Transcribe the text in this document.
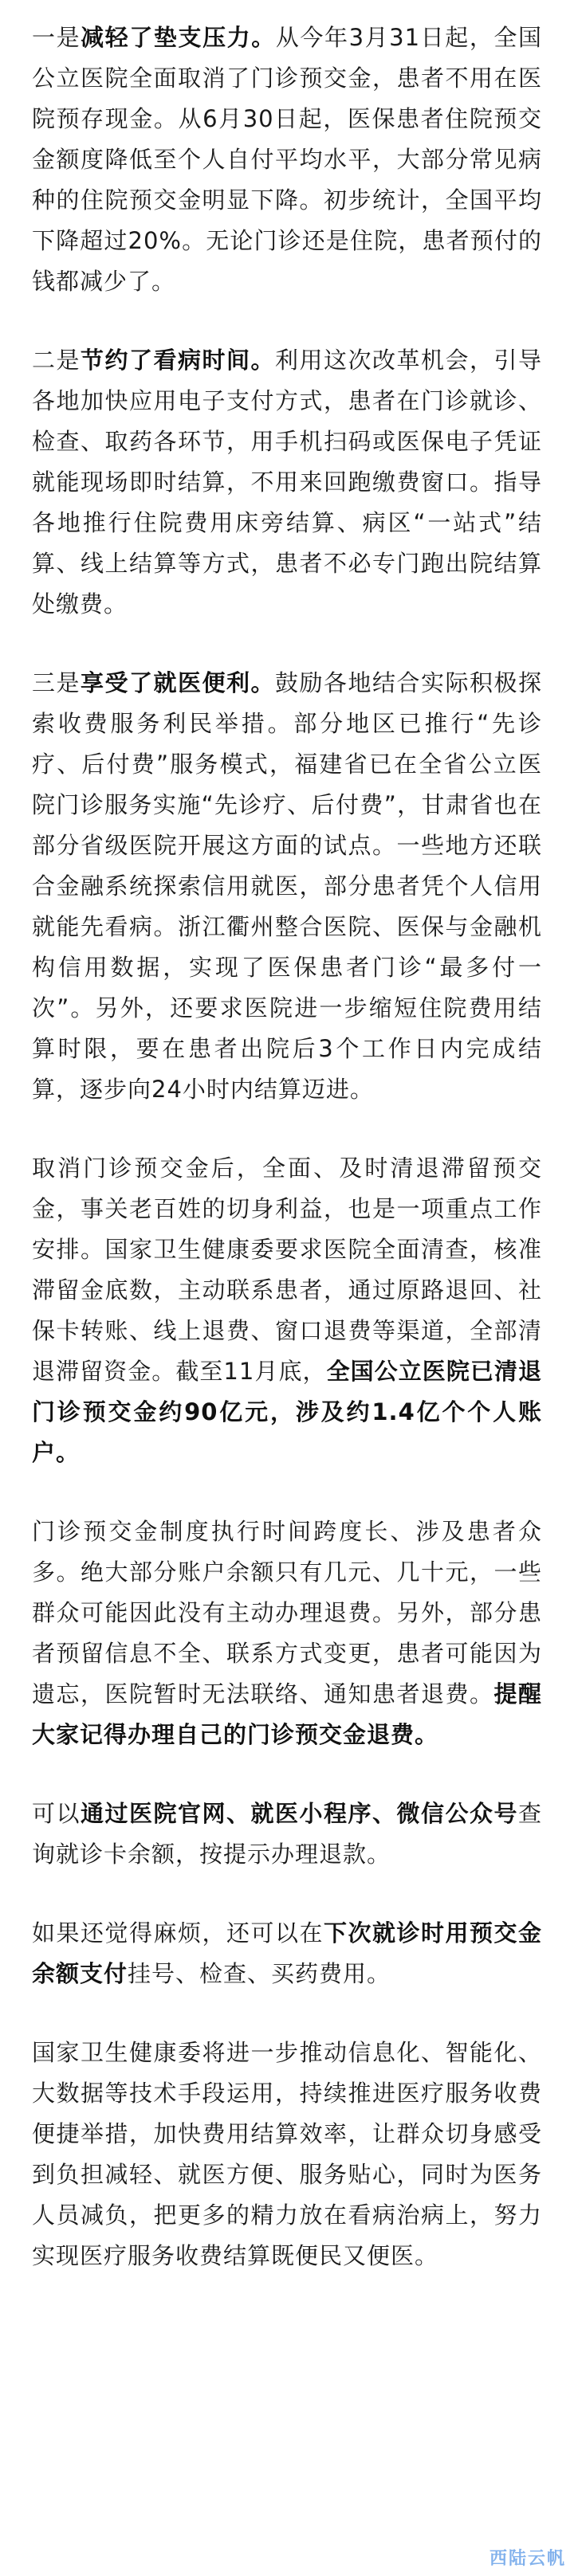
一是减轻了垫支压力。从今年3月31日起，全国公立医院全面取消了门诊预交金，患者不用在医院预存现金。从6月30日起，医保患者住院预交金额度降低至个人自付平均水平，大部分常见病种的住院预交金明显下降。初步统计，全国平均下降超过20%。无论门诊还是住院，患者预付的钱都减少了。

二是节约了看病时间。利用这次改革机会，引导各地加快应用电子支付方式，患者在门诊就诊、检查、取药各环节，用手机扫码或医保电子凭证就能现场即时结算，不用来回跑缴费窗口。指导各地推行住院费用床旁结算、病区“一站式”结算、线上结算等方式，患者不必专门跑出院结算处缴费。

三是享受了就医便利。鼓励各地结合实际积极探索收费服务利民举措。部分地区已推行“先诊疗、后付费”服务模式，福建省已在全省公立医院门诊服务实施“先诊疗、后付费”，甘肃省也在部分省级医院开展这方面的试点。一些地方还联合金融系统探索信用就医，部分患者凭个人信用就能先看病。浙江衢州整合医院、医保与金融机构信用数据，实现了医保患者门诊“最多付一次”。另外，还要求医院进一步缩短住院费用结算时限，要在患者出院后3个工作日内完成结算，逐步向24小时内结算迈进。

取消门诊预交金后，全面、及时清退滞留预交金，事关老百姓的切身利益，也是一项重点工作安排。国家卫生健康委要求医院全面清查，核准滞留金底数，主动联系患者，通过原路退回、社保卡转账、线上退费、窗口退费等渠道，全部清退滞留资金。截至11月底，全国公立医院已清退门诊预交金约90亿元，涉及约1.4亿个个人账户。

门诊预交金制度执行时间跨度长、涉及患者众多。绝大部分账户余额只有几元、几十元，一些群众可能因此没有主动办理退费。另外，部分患者预留信息不全、联系方式变更，患者可能因为遗忘，医院暂时无法联络、通知患者退费。提醒大家记得办理自己的门诊预交金退费。

可以通过医院官网、就医小程序、微信公众号查询就诊卡余额，按提示办理退款。

如果还觉得麻烦，还可以在下次就诊时用预交金余额支付挂号、检查、买药费用。

国家卫生健康委将进一步推动信息化、智能化、大数据等技术手段运用，持续推进医疗服务收费便捷举措，加快费用结算效率，让群众切身感受到负担减轻、就医方便、服务贴心，同时为医务人员减负，把更多的精力放在看病治病上，努力实现医疗服务收费结算既便民又便医。

西陆云帆
